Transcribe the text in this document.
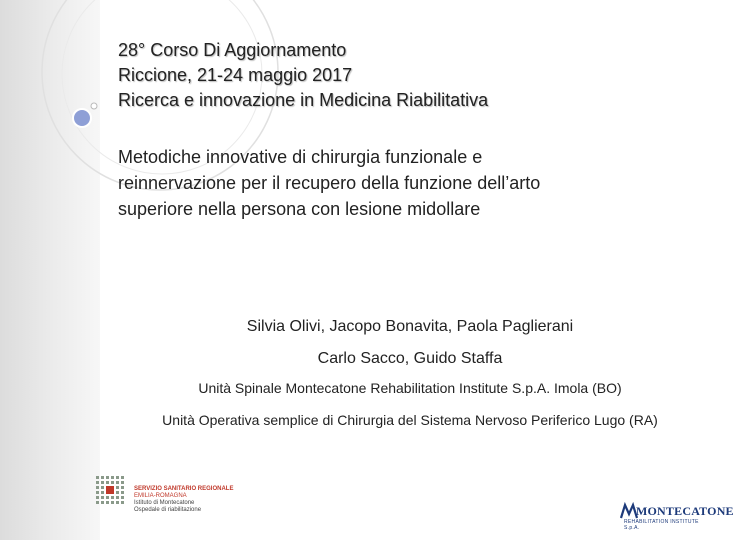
28° Corso Di Aggiornamento
Riccione, 21-24 maggio 2017
Ricerca e innovazione in Medicina Riabilitativa
Metodiche innovative di chirurgia funzionale e
reinnervazione per il recupero della funzione dell’arto
superiore nella persona con lesione midollare
Silvia Olivi, Jacopo Bonavita, Paola Paglierani
Carlo Sacco, Guido Staffa
Unità Spinale Montecatone Rehabilitation Institute S.p.A. Imola (BO)
Unità Operativa semplice di Chirurgia del Sistema Nervoso Periferico Lugo (RA)
SERVIZIO SANITARIO REGIONALE
EMILIA-ROMAGNA
Istituto di Montecatone
Ospedale di riabilitazione	MONTECATONE
REHABILITATION INSTITUTE S.p.A.
